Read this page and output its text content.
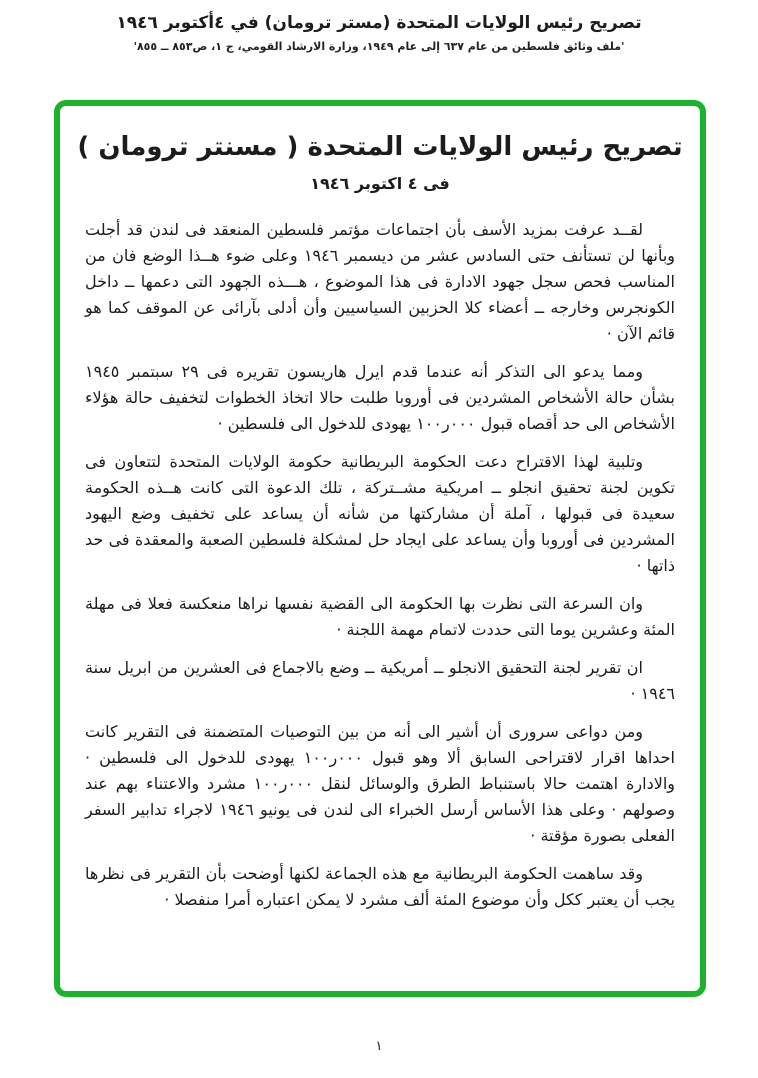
تصريح رئيس الولايات المتحدة (مستر ترومان) في ٤أكتوبر ١٩٤٦
'ملف وثائق فلسطين من عام ٦٣٧ إلى عام ١٩٤٩، وزارة الارشاد القومي، ج ١، ص٨٥٣ ــ ٨٥٥'
تصريح رئيس الولايات المتحدة ( مسنتر ترومان )
فى ٤ اكتوبر ١٩٤٦

لقــد عرفت بمزيد الأسف بأن اجتماعات مؤتمر فلسطين المنعقد فى لندن قد أجلت وبأنها لن تستأنف حتى السادس عشر من ديسمبر ١٩٤٦ وعلى ضوء هــذا الوضع فان من المناسب فحص سجل جهود الادارة فى هذا الموضوع ، هـــذه الجهود التى دعمها ــ داخل الكونجرس وخارجه ــ أعضاء كلا الحزبين السياسيين وأن أدلى بآرائى عن الموقف كما هو قائم الآن ·

ومما يدعو الى التذكر أنه عندما قدم ايرل هاريسون تقريره فى ٢٩ سبتمبر ١٩٤٥ بشأن حالة الأشخاص المشردين فى أوروبا طلبت حالا اتخاذ الخطوات لتخفيف حالة هؤلاء الأشخاص الى حد أقصاه قبول ٠٠٠ر١٠٠ يهودى للدخول الى فلسطين ·

وتلبية لهذا الاقتراح دعت الحكومة البريطانية حكومة الولايات المتحدة لتتعاون فى تكوين لجنة تحقيق انجلو ــ امريكية مشــتركة ، تلك الدعوة التى كانت هــذه الحكومة سعيدة فى قبولها ، آملة أن مشاركتها من شأنه أن يساعد على تخفيف وضع اليهود المشردين فى أوروبا وأن يساعد على ايجاد حل لمشكلة فلسطين الصعبة والمعقدة فى حد ذاتها ·

وان السرعة التى نظرت بها الحكومة الى القضية نفسها نراها منعكسة فعلا فى مهلة المئة وعشرين يوما التى حددت لاتمام مهمة اللجنة ·

ان تقرير لجنة التحقيق الانجلو ــ أمريكية ــ وضع بالاجماع فى العشرين من ابريل سنة ١٩٤٦ ·

ومن دواعى سرورى أن أشير الى أنه من بين التوصيات المتضمنة فى التقرير كانت احداها اقرار لاقتراحى السابق ألا وهو قبول ٠٠٠ر١٠٠ يهودى للدخول الى فلسطين · والادارة اهتمت حالا باستنباط الطرق والوسائل لنقل ٠٠٠ر١٠٠ مشرد والاعتناء بهم عند وصولهم · وعلى هذا الأساس أرسل الخبراء الى لندن فى يونيو ١٩٤٦ لاجراء تدابير السفر الفعلى بصورة مؤقتة ·

وقد ساهمت الحكومة البريطانية مع هذه الجماعة لكنها أوضحت بأن التقرير فى نظرها يجب أن يعتبر ككل وأن موضوع المئة ألف مشرد لا يمكن اعتباره أمرا منفصلا ·

١
